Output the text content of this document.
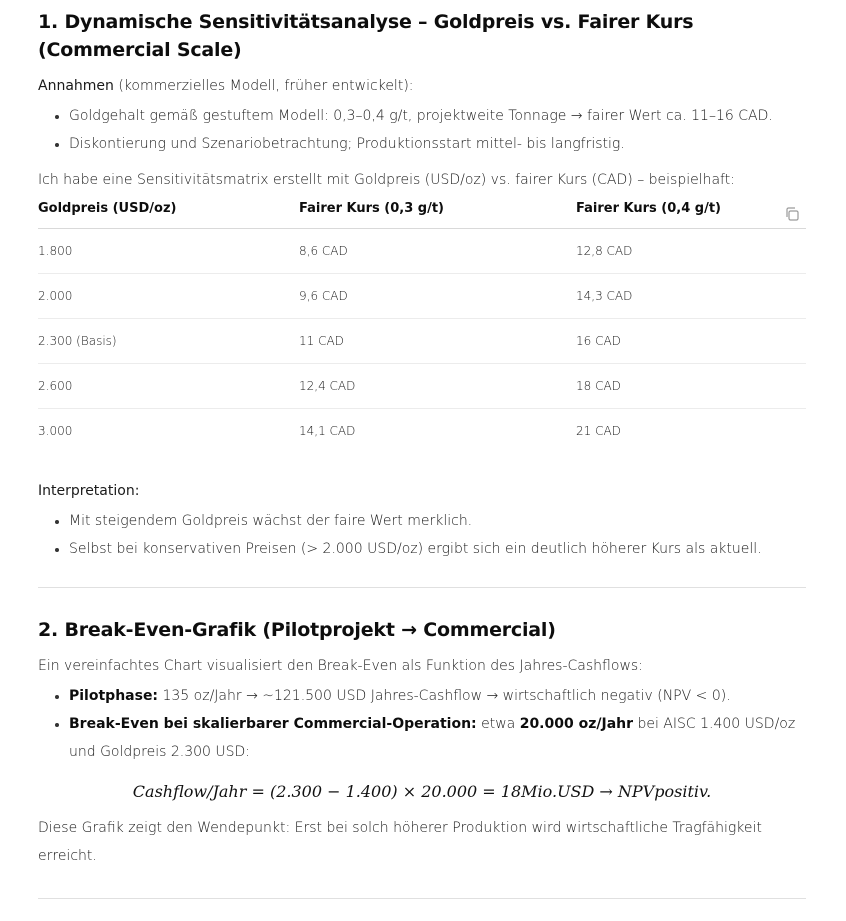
1. Dynamische Sensitivitätsanalyse – Goldpreis vs. Fairer Kurs (Commercial Scale)

Annahmen (kommerzielles Modell, früher entwickelt):

• Goldgehalt gemäß gestuftem Modell: 0,3–0,4 g/t, projektweite Tonnage → fairer Wert ca. 11–16 CAD.
• Diskontierung und Szenariobetrachtung; Produktionsstart mittel- bis langfristig.

Ich habe eine Sensitivitätsmatrix erstellt mit Goldpreis (USD/oz) vs. fairer Kurs (CAD) – beispielhaft:

Goldpreis (USD/oz)	Fairer Kurs (0,3 g/t)	Fairer Kurs (0,4 g/t)
1.800	8,6 CAD	12,8 CAD
2.000	9,6 CAD	14,3 CAD
2.300 (Basis)	11 CAD	16 CAD
2.600	12,4 CAD	18 CAD
3.000	14,1 CAD	21 CAD

Interpretation:

• Mit steigendem Goldpreis wächst der faire Wert merklich.
• Selbst bei konservativen Preisen (> 2.000 USD/oz) ergibt sich ein deutlich höherer Kurs als aktuell.
2. Break-Even-Grafik (Pilotprojekt → Commercial)

Ein vereinfachtes Chart visualisiert den Break-Even als Funktion des Jahres-Cashflows:

• Pilotphase: 135 oz/Jahr → ~121.500 USD Jahres-Cashflow → wirtschaftlich negativ (NPV < 0).
• Break-Even bei skalierbarer Commercial-Operation: etwa 20.000 oz/Jahr bei AISC 1.400 USD/oz und Goldpreis 2.300 USD:
Cashflow/Jahr = (2.300 − 1.400) × 20.000 = 18Mio.USD → NPVpositiv.

Diese Grafik zeigt den Wendepunkt: Erst bei solch höherer Produktion wird wirtschaftliche Tragfähigkeit erreicht.
